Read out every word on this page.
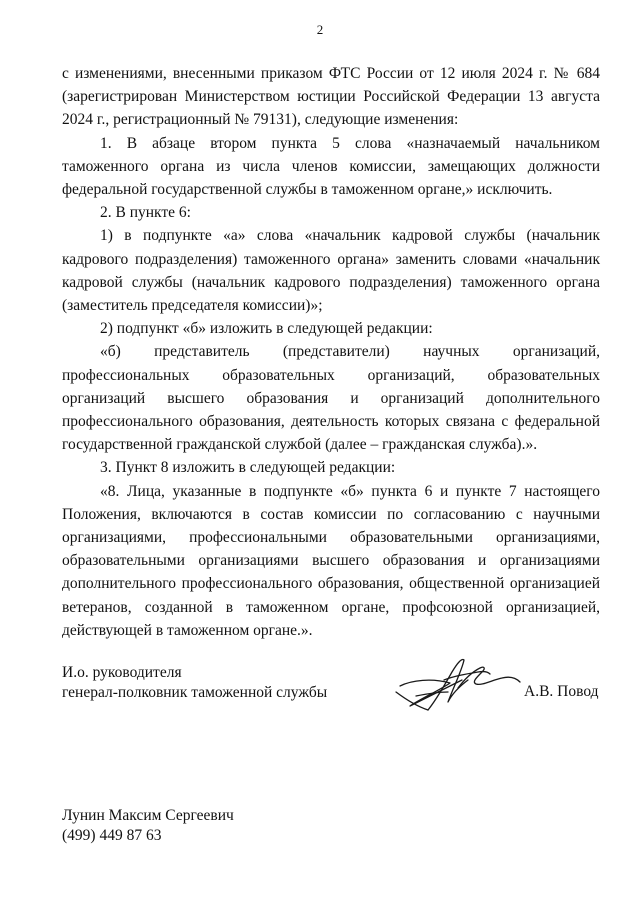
2

с изменениями, внесенными приказом ФТС России от 12 июля 2024 г. № 684 (зарегистрирован Министерством юстиции Российской Федерации 13 августа 2024 г., регистрационный № 79131), следующие изменения:

1. В абзаце втором пункта 5 слова «назначаемый начальником таможенного органа из числа членов комиссии, замещающих должности федеральной государственной службы в таможенном органе,» исключить.

2. В пункте 6:

1) в подпункте «а» слова «начальник кадровой службы (начальник кадрового подразделения) таможенного органа» заменить словами «начальник кадровой службы (начальник кадрового подразделения) таможенного органа (заместитель председателя комиссии)»;

2) подпункт «б» изложить в следующей редакции:

«б) представитель (представители) научных организаций, профессиональных образовательных организаций, образовательных организаций высшего образования и организаций дополнительного профессионального образования, деятельность которых связана с федеральной государственной гражданской службой (далее – гражданская служба).».

3. Пункт 8 изложить в следующей редакции:

«8. Лица, указанные в подпункте «б» пункта 6 и пункте 7 настоящего Положения, включаются в состав комиссии по согласованию с научными организациями, профессиональными образовательными организациями, образовательными организациями высшего образования и организациями дополнительного профессионального образования, общественной организацией ветеранов, созданной в таможенном органе, профсоюзной организацией, действующей в таможенном органе.».

И.о. руководителя
генерал-полковник таможенной службы	А.В. Повод
Лунин Максим Сергеевич
(499) 449 87 63
